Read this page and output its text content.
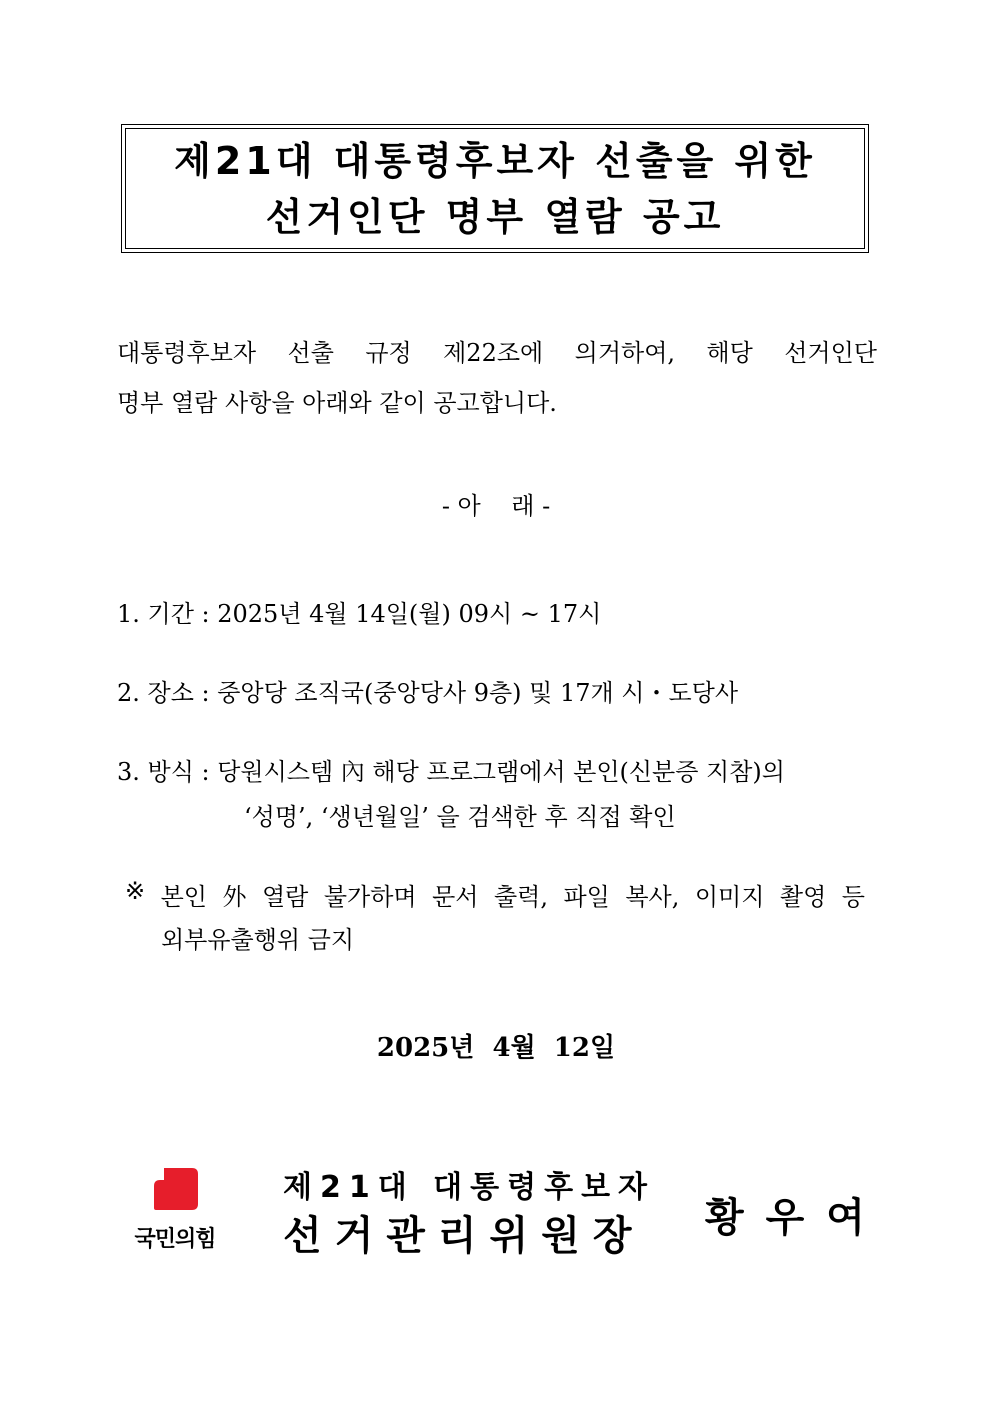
제21대 대통령후보자 선출을 위한
선거인단 명부 열람 공고
대통령후보자 선출 규정 제22조에 의거하여, 해당 선거인단
명부 열람 사항을 아래와 같이 공고합니다.
- 아    래 -
1. 기간 : 2025년 4월 14일(월) 09시 ~ 17시
2. 장소 : 중앙당 조직국(중앙당사 9층) 및 17개 시・도당사
3. 방식 : 당원시스템 內 해당 프로그램에서 본인(신분증 지참)의
‘성명’, ‘생년월일’ 을 검색한 후 직접 확인
※ 본인 外 열람 불가하며 문서 출력, 파일 복사, 이미지 촬영 등
외부유출행위 금지
2025년  4월  12일
국민의힘
제21대 대통령후보자
선거관리위원장 황우여
